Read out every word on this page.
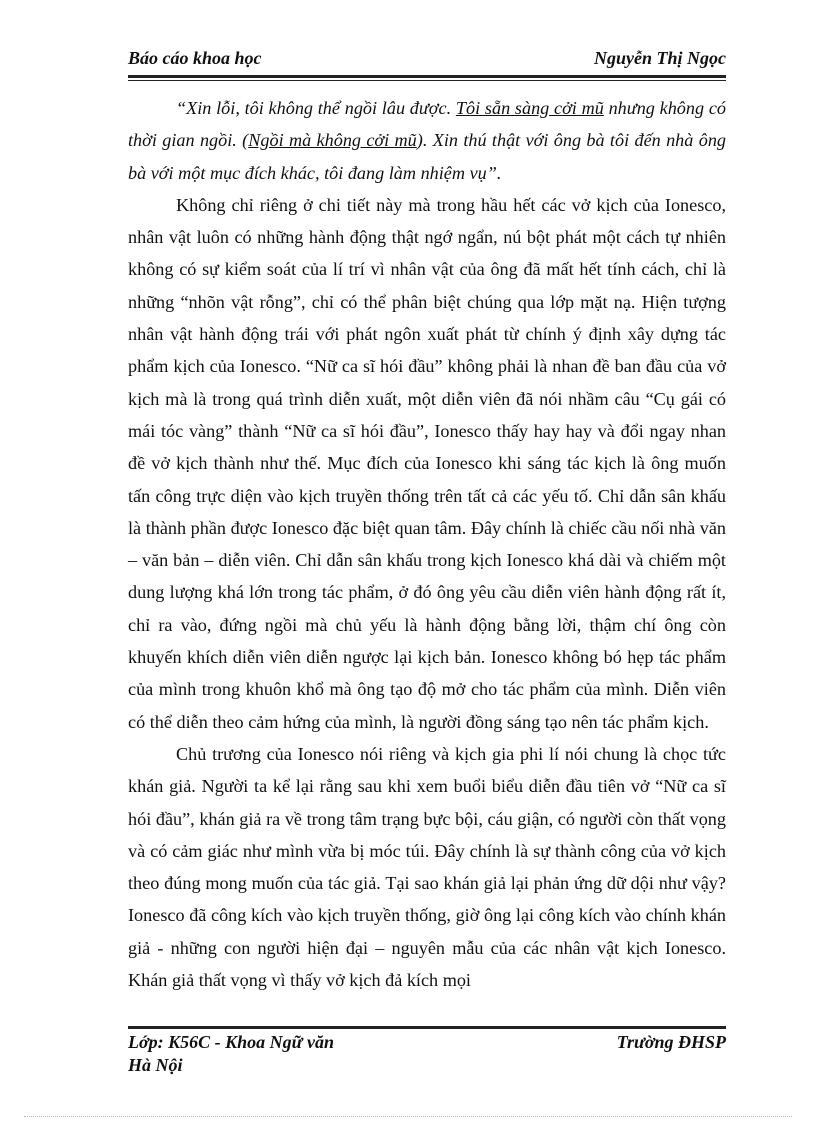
Báo cáo khoa học	Nguyễn Thị Ngọc

“Xin lỗi, tôi không thể ngồi lâu được. Tôi sẵn sàng cởi mũ nhưng không có thời gian ngồi. (Ngồi mà không cởi mũ). Xin thú thật với ông bà tôi đến nhà ông bà với một mục đích khác, tôi đang làm nhiệm vụ”.

Không chỉ riêng ở chi tiết này mà trong hầu hết các vở kịch của Ionesco, nhân vật luôn có những hành động thật ngớ ngẩn, nú bột phát một cách tự nhiên không có sự kiểm soát của lí trí vì nhân vật của ông đã mất hết tính cách, chỉ là những “nhõn vật rỗng”, chỉ có thể phân biệt chúng qua lớp mặt nạ. Hiện tượng nhân vật hành động trái với phát ngôn xuất phát từ chính ý định xây dựng tác phẩm kịch của Ionesco. “Nữ ca sĩ hói đầu” không phải là nhan đề ban đầu của vở kịch mà là trong quá trình diễn xuất, một diễn viên đã nói nhầm câu “Cụ gái có mái tóc vàng” thành “Nữ ca sĩ hói đầu”, Ionesco thấy hay hay và đổi ngay nhan đề vở kịch thành như thế. Mục đích của Ionesco khi sáng tác kịch là ông muốn tấn công trực diện vào kịch truyền thống trên tất cả các yếu tố. Chỉ dẫn sân khấu là thành phần được Ionesco đặc biệt quan tâm. Đây chính là chiếc cầu nối nhà văn – văn bản – diễn viên. Chỉ dẫn sân khấu trong kịch Ionesco khá dài và chiếm một dung lượng khá lớn trong tác phẩm, ở đó ông yêu cầu diễn viên hành động rất ít, chỉ ra vào, đứng ngồi mà chủ yếu là hành động bằng lời, thậm chí ông còn khuyến khích diễn viên diễn ngược lại kịch bản. Ionesco không bó hẹp tác phẩm của mình trong khuôn khổ mà ông tạo độ mở cho tác phẩm của mình. Diễn viên có thể diễn theo cảm hứng của mình, là người đồng sáng tạo nên tác phẩm kịch.

Chủ trương của Ionesco nói riêng và kịch gia phi lí nói chung là chọc tức khán giả. Người ta kể lại rằng sau khi xem buổi biểu diễn đầu tiên vở “Nữ ca sĩ hói đầu”, khán giả ra về trong tâm trạng bực bội, cáu giận, có người còn thất vọng và có cảm giác như mình vừa bị móc túi. Đây chính là sự thành công của vở kịch theo đúng mong muốn của tác giả. Tại sao khán giả lại phản ứng dữ dội như vậy? Ionesco đã công kích vào kịch truyền thống, giờ ông lại công kích vào chính khán giả - những con người hiện đại – nguyên mẫu của các nhân vật kịch Ionesco. Khán giả thất vọng vì thấy vở kịch đả kích mọi

Lớp: K56C - Khoa Ngữ văn	Trường ĐHSP
Hà Nội
